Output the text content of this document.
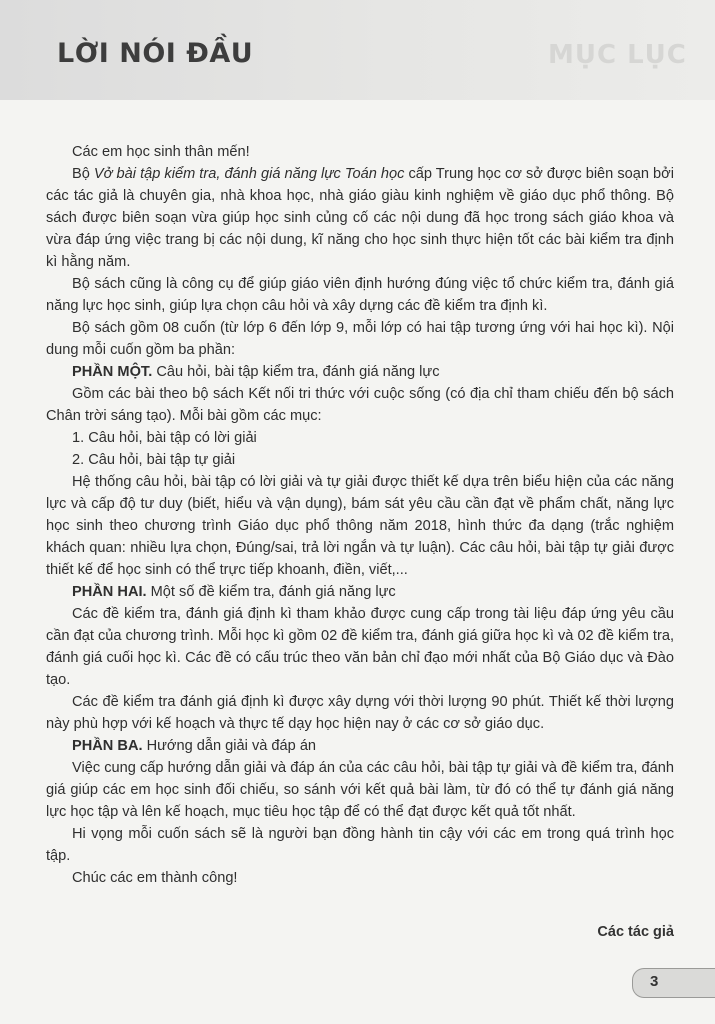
LỜI NÓI ĐẦU	MỤC LỤC

Các em học sinh thân mến!

Bộ Vở bài tập kiểm tra, đánh giá năng lực Toán học cấp Trung học cơ sở được biên soạn bởi các tác giả là chuyên gia, nhà khoa học, nhà giáo giàu kinh nghiệm về giáo dục phổ thông. Bộ sách được biên soạn vừa giúp học sinh củng cố các nội dung đã học trong sách giáo khoa và vừa đáp ứng việc trang bị các nội dung, kĩ năng cho học sinh thực hiện tốt các bài kiểm tra định kì hằng năm.

Bộ sách cũng là công cụ để giúp giáo viên định hướng đúng việc tổ chức kiểm tra, đánh giá năng lực học sinh, giúp lựa chọn câu hỏi và xây dựng các đề kiểm tra định kì.

Bộ sách gồm 08 cuốn (từ lớp 6 đến lớp 9, mỗi lớp có hai tập tương ứng với hai học kì). Nội dung mỗi cuốn gồm ba phần:

PHẦN MỘT. Câu hỏi, bài tập kiểm tra, đánh giá năng lực

Gồm các bài theo bộ sách Kết nối tri thức với cuộc sống (có địa chỉ tham chiếu đến bộ sách Chân trời sáng tạo). Mỗi bài gồm các mục:

1. Câu hỏi, bài tập có lời giải

2. Câu hỏi, bài tập tự giải

Hệ thống câu hỏi, bài tập có lời giải và tự giải được thiết kế dựa trên biểu hiện của các năng lực và cấp độ tư duy (biết, hiểu và vận dụng), bám sát yêu cầu cần đạt về phẩm chất, năng lực học sinh theo chương trình Giáo dục phổ thông năm 2018, hình thức đa dạng (trắc nghiệm khách quan: nhiều lựa chọn, Đúng/sai, trả lời ngắn và tự luận). Các câu hỏi, bài tập tự giải được thiết kế để học sinh có thể trực tiếp khoanh, điền, viết,...

PHẦN HAI. Một số đề kiểm tra, đánh giá năng lực

Các đề kiểm tra, đánh giá định kì tham khảo được cung cấp trong tài liệu đáp ứng yêu cầu cần đạt của chương trình. Mỗi học kì gồm 02 đề kiểm tra, đánh giá giữa học kì và 02 đề kiểm tra, đánh giá cuối học kì. Các đề có cấu trúc theo văn bản chỉ đạo mới nhất của Bộ Giáo dục và Đào tạo.

Các đề kiểm tra đánh giá định kì được xây dựng với thời lượng 90 phút. Thiết kế thời lượng này phù hợp với kế hoạch và thực tế dạy học hiện nay ở các cơ sở giáo dục.

PHẦN BA. Hướng dẫn giải và đáp án

Việc cung cấp hướng dẫn giải và đáp án của các câu hỏi, bài tập tự giải và đề kiểm tra, đánh giá giúp các em học sinh đối chiếu, so sánh với kết quả bài làm, từ đó có thể tự đánh giá năng lực học tập và lên kế hoạch, mục tiêu học tập để có thể đạt được kết quả tốt nhất.

Hi vọng mỗi cuốn sách sẽ là người bạn đồng hành tin cậy với các em trong quá trình học tập.

Chúc các em thành công!

Các tác giả
3
